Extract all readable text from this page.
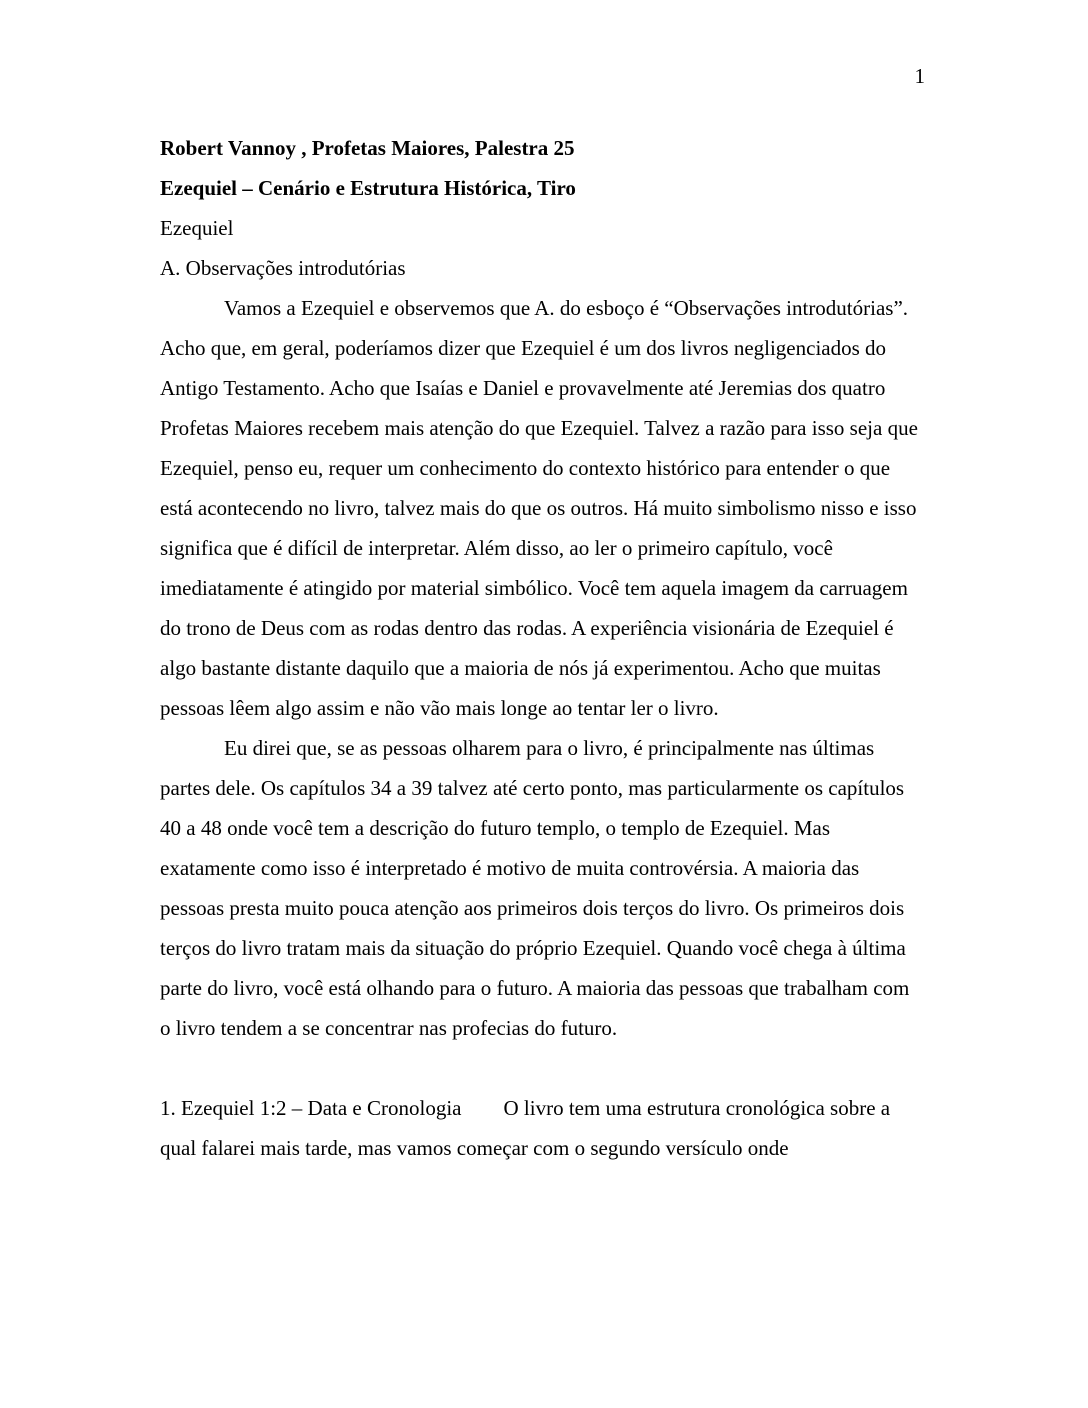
1
Robert Vannoy , Profetas Maiores, Palestra 25
Ezequiel – Cenário e Estrutura Histórica, Tiro
Ezequiel
A. Observações introdutórias

Vamos a Ezequiel e observemos que A. do esboço é “Observações introdutórias”.

Acho que, em geral, poderíamos dizer que Ezequiel é um dos livros negligenciados do Antigo Testamento. Acho que Isaías e Daniel e provavelmente até Jeremias dos quatro Profetas Maiores recebem mais atenção do que Ezequiel. Talvez a razão para isso seja que Ezequiel, penso eu, requer um conhecimento do contexto histórico para entender o que está acontecendo no livro, talvez mais do que os outros. Há muito simbolismo nisso e isso significa que é difícil de interpretar. Além disso, ao ler o primeiro capítulo, você imediatamente é atingido por material simbólico. Você tem aquela imagem da carruagem do trono de Deus com as rodas dentro das rodas. A experiência visionária de Ezequiel é algo bastante distante daquilo que a maioria de nós já experimentou. Acho que muitas pessoas lêem algo assim e não vão mais longe ao tentar ler o livro.

Eu direi que, se as pessoas olharem para o livro, é principalmente nas últimas partes dele. Os capítulos 34 a 39 talvez até certo ponto, mas particularmente os capítulos 40 a 48 onde você tem a descrição do futuro templo, o templo de Ezequiel. Mas exatamente como isso é interpretado é motivo de muita controvérsia. A maioria das pessoas presta muito pouca atenção aos primeiros dois terços do livro. Os primeiros dois terços do livro tratam mais da situação do próprio Ezequiel. Quando você chega à última parte do livro, você está olhando para o futuro. A maioria das pessoas que trabalham com o livro tendem a se concentrar nas profecias do futuro.

1. Ezequiel 1:2 – Data e Cronologia        O livro tem uma estrutura cronológica sobre a qual falarei mais tarde, mas vamos começar com o segundo versículo onde
